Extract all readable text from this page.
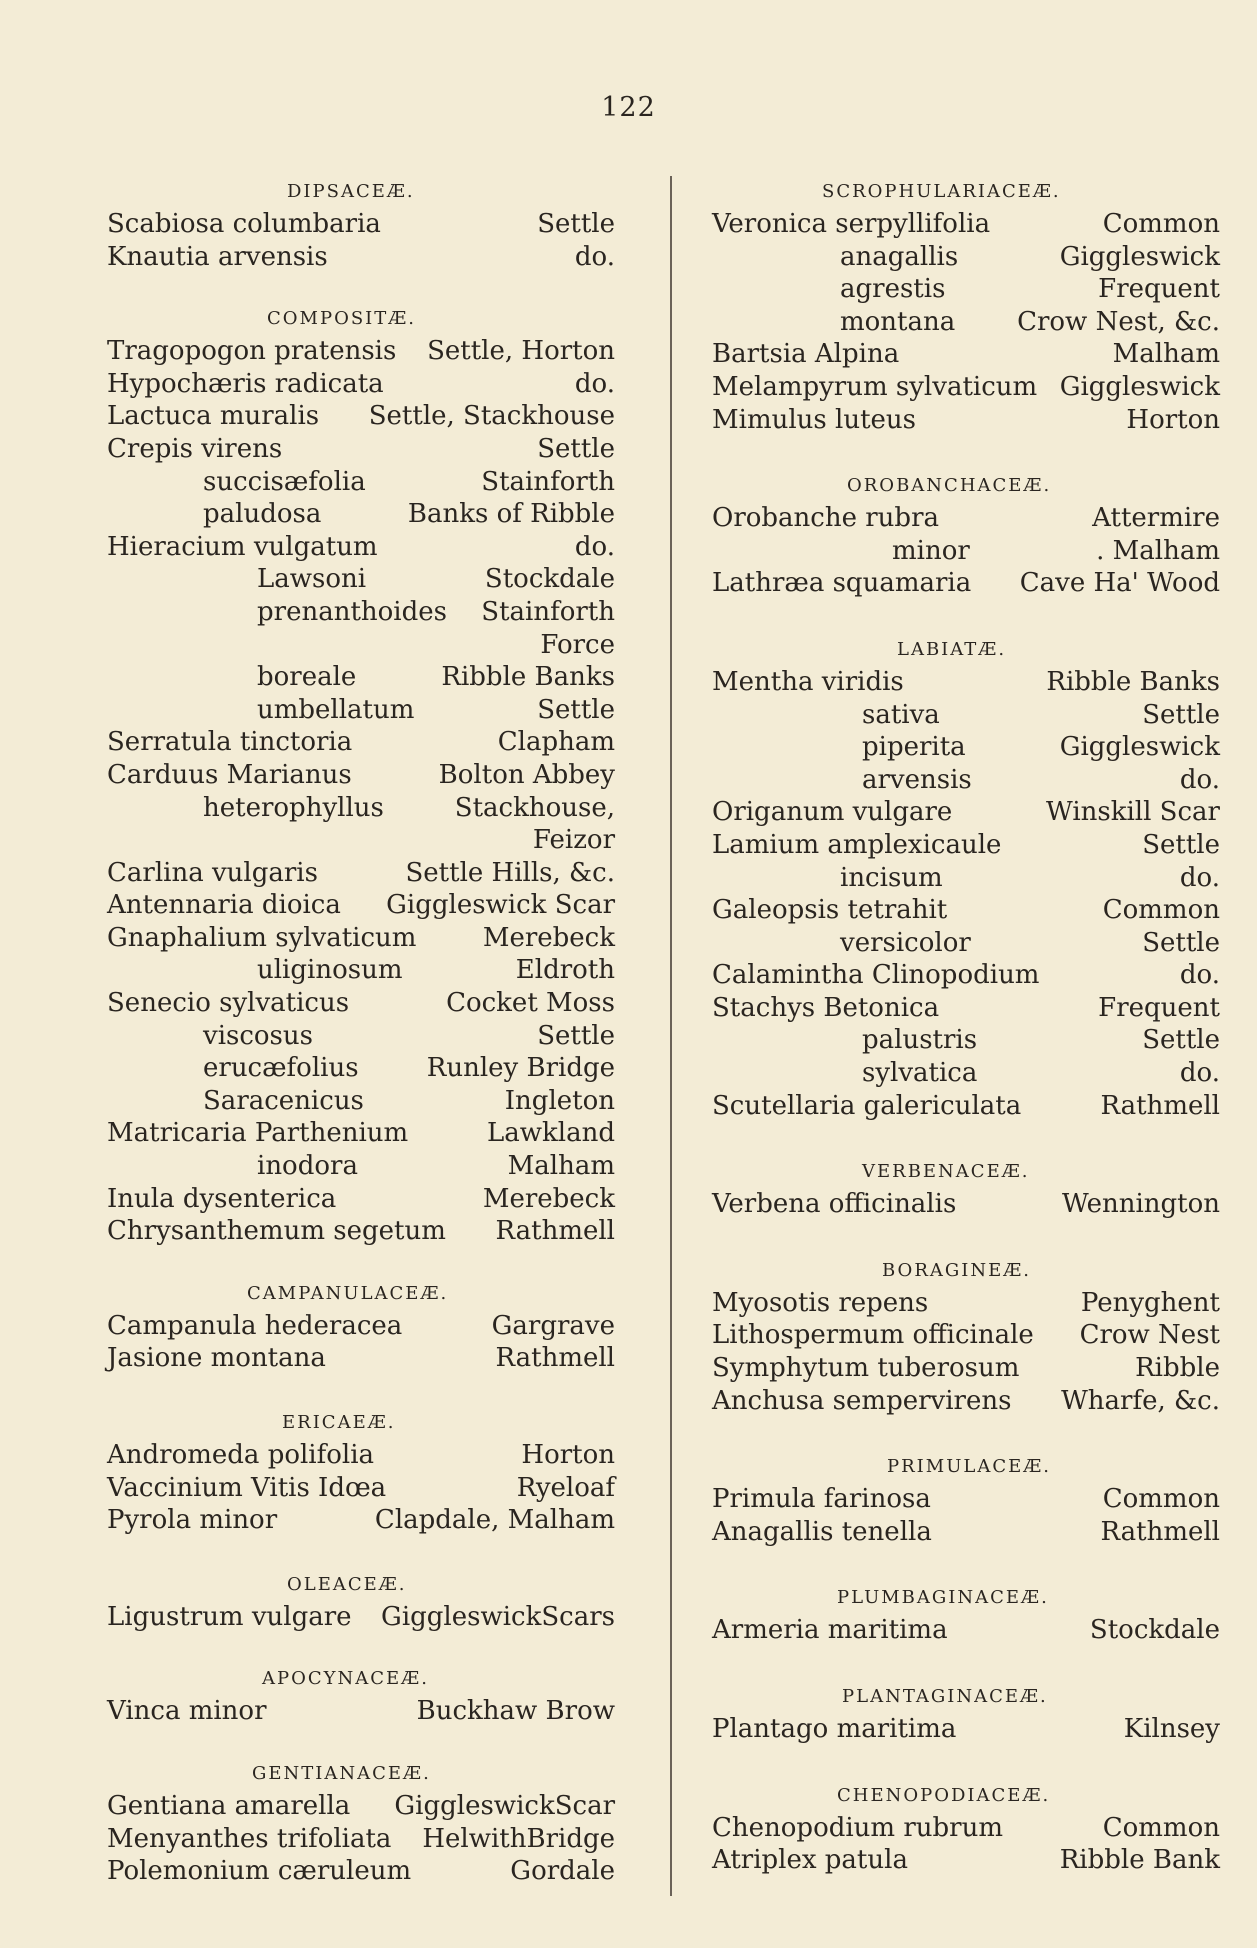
122
DIPSACEÆ.
Scabiosa columbaria	Settle
Knautia arvensis	do.
COMPOSITÆ.
Tragopogon pratensis Settle, Horton
Hypochæris radicata	do.
Lactuca muralis Settle, Stackhouse
Crepis virens	Settle
succisæfolia	Stainforth
paludosa	Banks of Ribble
Hieracium vulgatum	do.
Lawsoni	Stockdale
prenanthoides Stainforth
Force
boreale	Ribble Banks
umbellatum	Settle
Serratula tinctoria	Clapham
Carduus Marianus	Bolton Abbey
heterophyllus	Stackhouse,
Feizor
Carlina vulgaris	Settle Hills, &c.
Antennaria dioica Giggleswick Scar
Gnaphalium sylvaticum	Merebeck
uliginosum	Eldroth
Senecio sylvaticus	Cocket Moss
viscosus	Settle
erucæfolius	Runley Bridge
Saracenicus	Ingleton
Matricaria Parthenium	Lawkland
inodora	Malham
Inula dysenterica	Merebeck
Chrysanthemum segetum Rathmell
CAMPANULACEÆ.
Campanula hederacea	Gargrave
Jasione montana	Rathmell
ERICAEÆ.
Andromeda polifolia	Horton
Vaccinium Vitis Idœa	Ryeloaf
Pyrola minor	Clapdale, Malham
OLEACEÆ.
Ligustrum vulgare GiggleswickScars
APOCYNACEÆ.
Vinca minor	Buckhaw Brow
GENTIANACEÆ.
Gentiana amarella GiggleswickScar
Menyanthes trifoliata HelwithBridge
Polemonium cæruleum	Gordale
SCROPHULARIACEÆ.
Veronica serpyllifolia	Common
anagallis	Giggleswick
agrestis	Frequent
montana Crow Nest, &c.
Bartsia Alpina	Malham
Melampyrum sylvaticum Giggleswick
Mimulus luteus	Horton
OROBANCHACEÆ.
Orobanche rubra	Attermire
minor	. Malham
Lathræa squamaria Cave Ha' Wood
LABIATÆ.
Mentha viridis	Ribble Banks
sativa	Settle
piperita	Giggleswick
arvensis	do.
Origanum vulgare	Winskill Scar
Lamium amplexicaule	Settle
incisum	do.
Galeopsis tetrahit	Common
versicolor	Settle
Calamintha Clinopodium	do.
Stachys Betonica	Frequent
palustris	Settle
sylvatica	do.
Scutellaria galericulata	Rathmell
VERBENACEÆ.
Verbena officinalis	Wennington
BORAGINEÆ.
Myosotis repens	Penyghent
Lithospermum officinale Crow Nest
Symphytum tuberosum	Ribble
Anchusa sempervirens Wharfe, &c.
PRIMULACEÆ.
Primula farinosa	Common
Anagallis tenella	Rathmell
PLUMBAGINACEÆ.
Armeria maritima	Stockdale
PLANTAGINACEÆ.
Plantago maritima	Kilnsey
CHENOPODIACEÆ.
Chenopodium rubrum	Common
Atriplex patula	Ribble Bank
